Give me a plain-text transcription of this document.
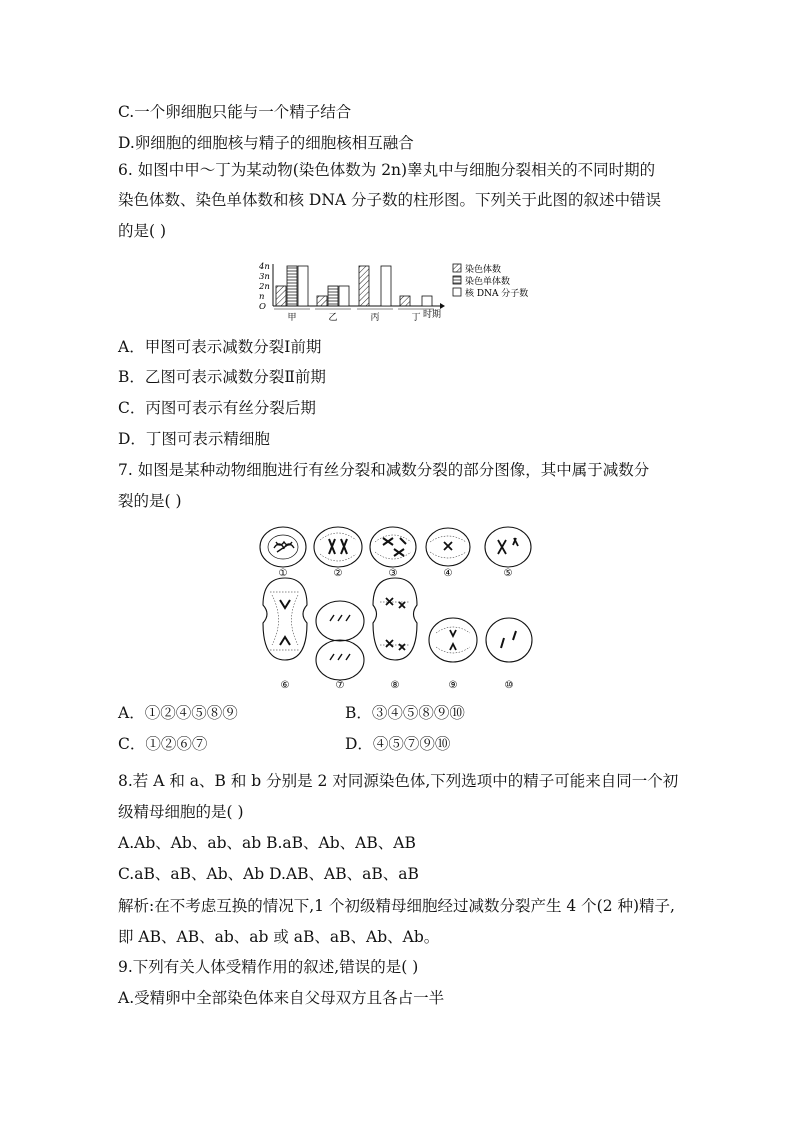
C.一个卵细胞只能与一个精子结合
D.卵细胞的细胞核与精子的细胞核相互融合
6. 如图中甲～丁为某动物(染色体数为 2n)睾丸中与细胞分裂相关的不同时期的
染色体数、染色单体数和核 DNA 分子数的柱形图。下列关于此图的叙述中错误
的是( )
4n
3n
2n
n
O
甲	乙	丙	丁 时期
染色体数
染色单体数
核 DNA 分子数
A．甲图可表示减数分裂Ⅰ前期
B．乙图可表示减数分裂Ⅱ前期
C．丙图可表示有丝分裂后期
D．丁图可表示精细胞
7. 如图是某种动物细胞进行有丝分裂和减数分裂的部分图像，其中属于减数分
裂的是( )
①	②	③	④	⑤
⑥	⑦	⑧	⑨	⑩
A．①②④⑤⑧⑨	B．③④⑤⑧⑨⑩
C．①②⑥⑦	D．④⑤⑦⑨⑩
8.若 A 和 a、B 和 b 分别是 2 对同源染色体,下列选项中的精子可能来自同一个初
级精母细胞的是( )
A.Ab、Ab、ab、ab B.aB、Ab、AB、AB
C.aB、aB、Ab、Ab D.AB、AB、aB、aB
解析:在不考虑互换的情况下,1 个初级精母细胞经过减数分裂产生 4 个(2 种)精子,
即 AB、AB、ab、ab 或 aB、aB、Ab、Ab。
9.下列有关人体受精作用的叙述,错误的是( )
A.受精卵中全部染色体来自父母双方且各占一半
